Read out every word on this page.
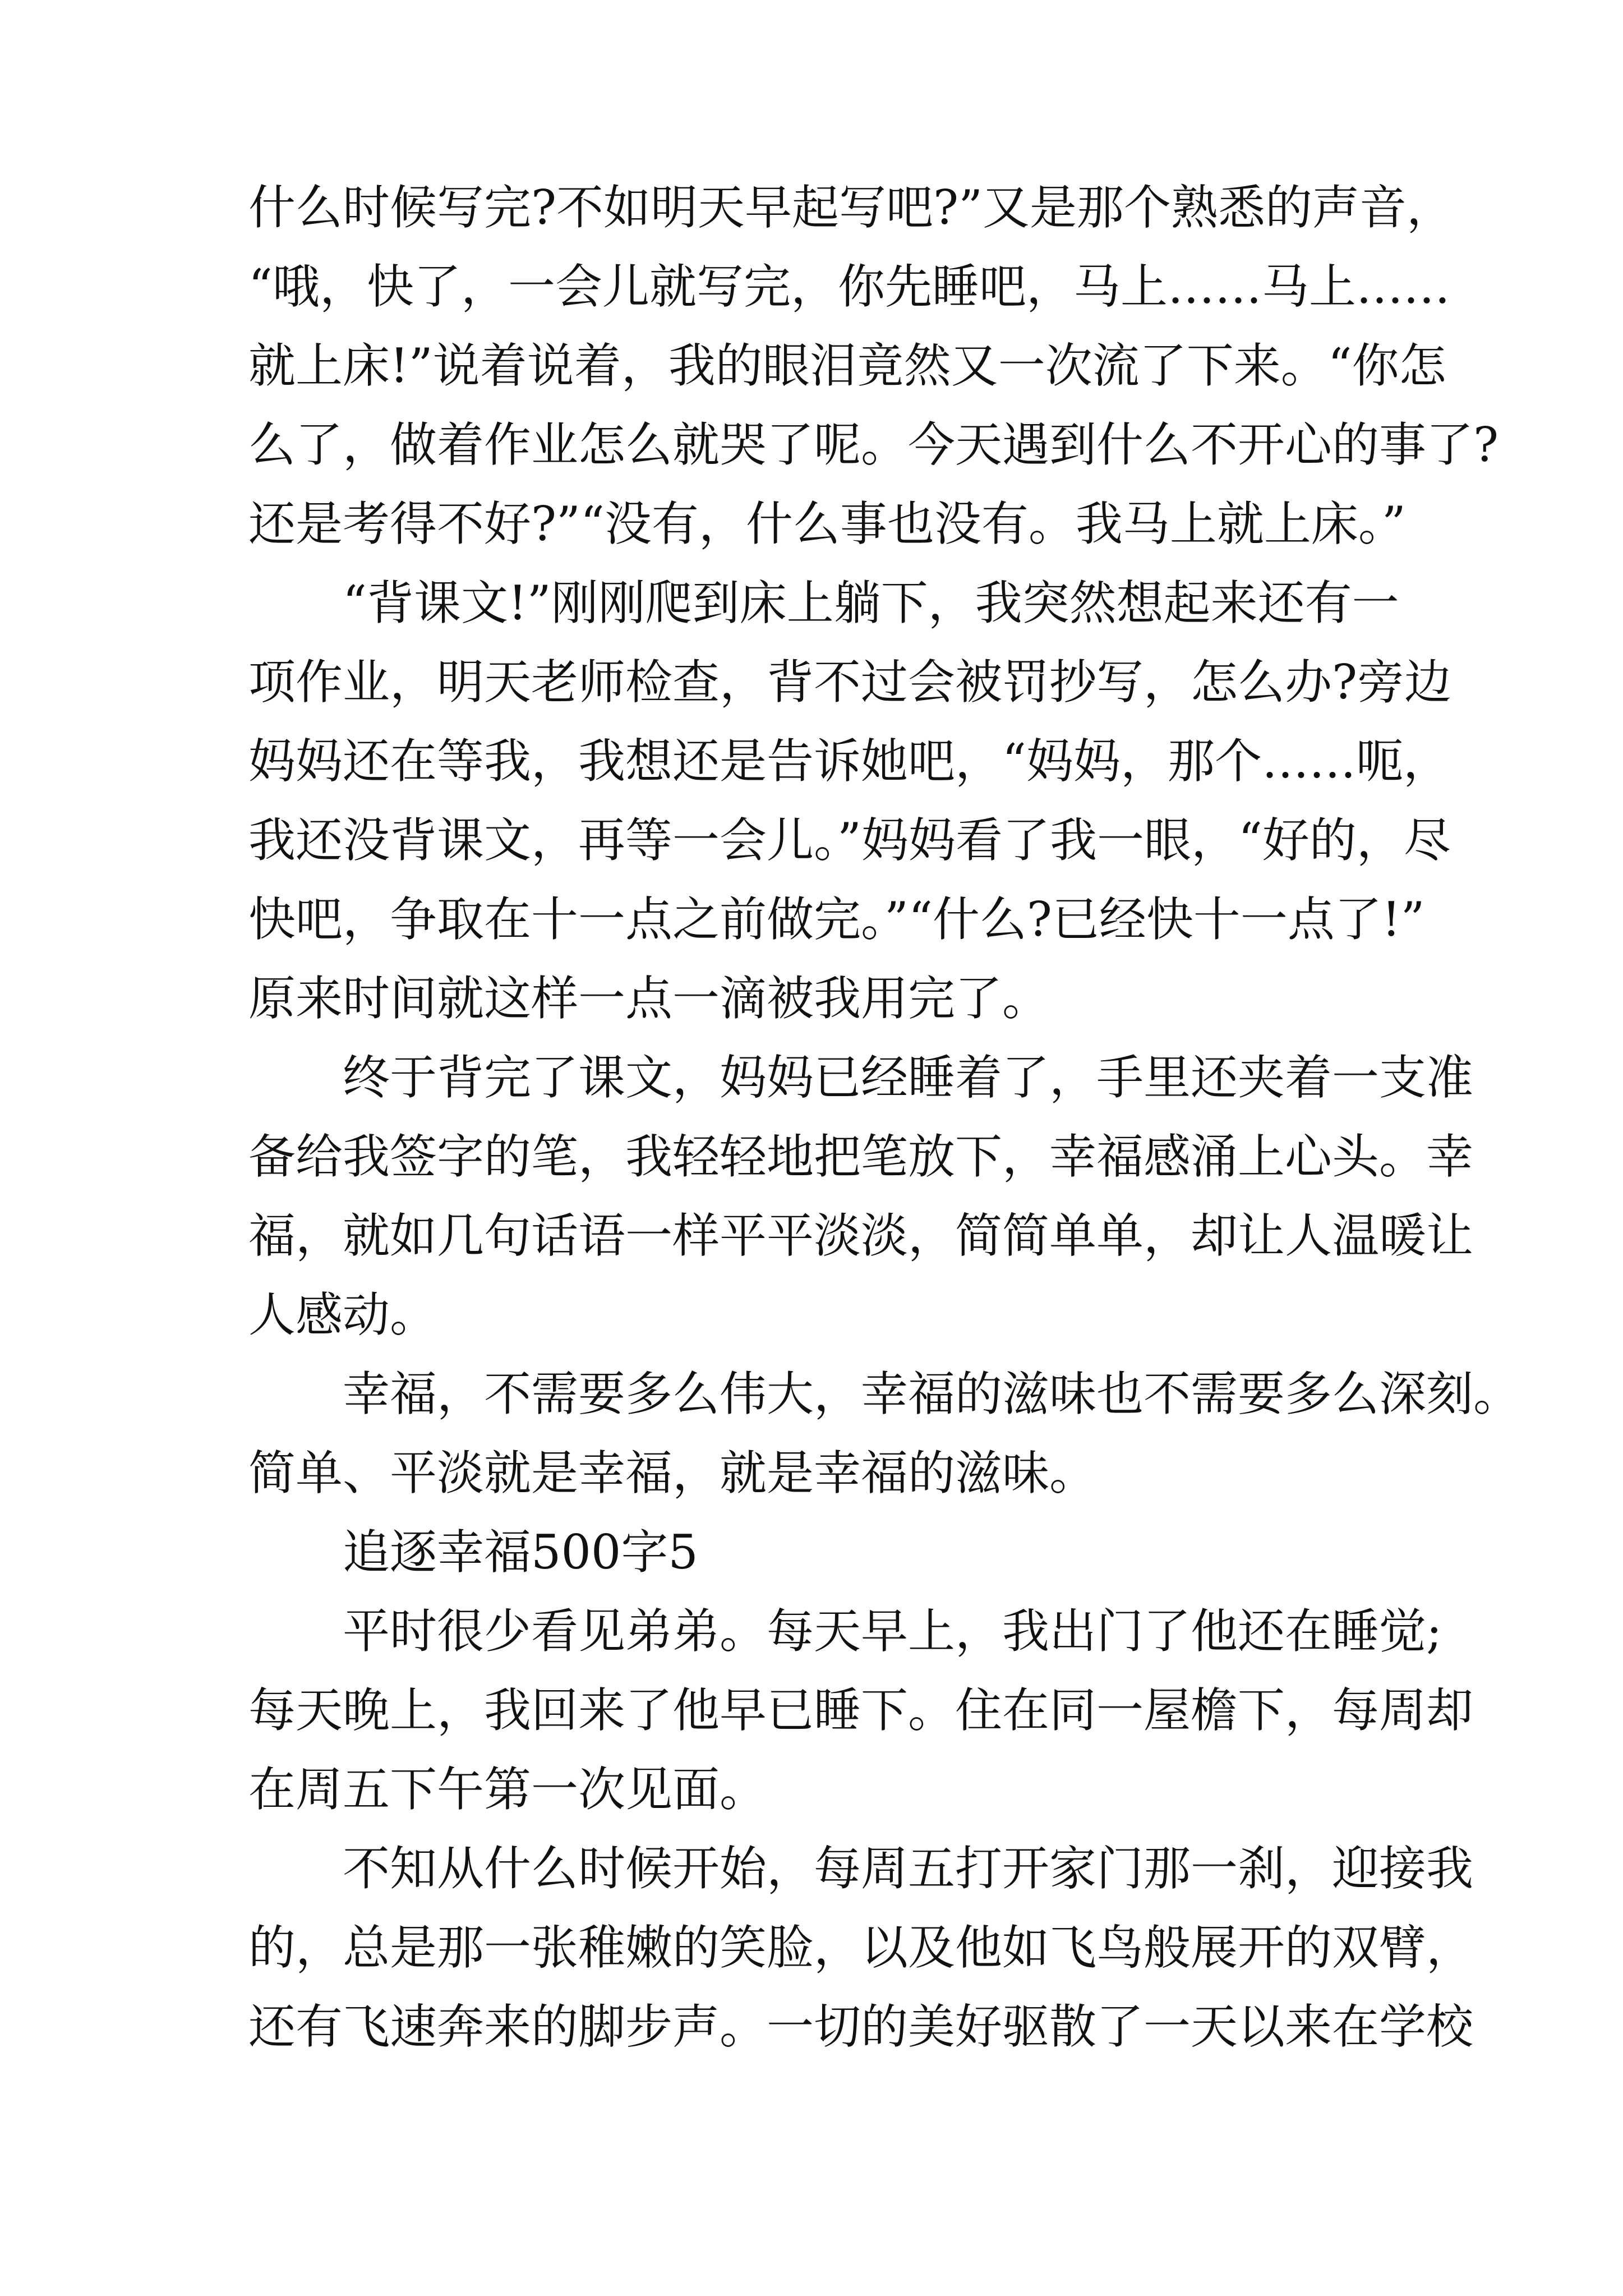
什么时候写完?不如明天早起写吧?”又是那个熟悉的声音，
“哦，快了，一会儿就写完，你先睡吧，马上……马上……
就上床!”说着说着，我的眼泪竟然又一次流了下来。“你怎
么了，做着作业怎么就哭了呢。今天遇到什么不开心的事了?
还是考得不好?”“没有，什么事也没有。我马上就上床。”
“背课文!”刚刚爬到床上躺下，我突然想起来还有一
项作业，明天老师检查，背不过会被罚抄写，怎么办?旁边
妈妈还在等我，我想还是告诉她吧，“妈妈，那个……呃，
我还没背课文，再等一会儿。”妈妈看了我一眼，“好的，尽
快吧，争取在十一点之前做完。”“什么?已经快十一点了!”
原来时间就这样一点一滴被我用完了。
终于背完了课文，妈妈已经睡着了，手里还夹着一支准
备给我签字的笔，我轻轻地把笔放下，幸福感涌上心头。幸
福，就如几句话语一样平平淡淡，简简单单，却让人温暖让
人感动。
幸福，不需要多么伟大，幸福的滋味也不需要多么深刻。
简单、平淡就是幸福，就是幸福的滋味。
追逐幸福500字5
平时很少看见弟弟。每天早上，我出门了他还在睡觉;
每天晚上，我回来了他早已睡下。住在同一屋檐下，每周却
在周五下午第一次见面。
不知从什么时候开始，每周五打开家门那一刹，迎接我
的，总是那一张稚嫩的笑脸，以及他如飞鸟般展开的双臂，
还有飞速奔来的脚步声。一切的美好驱散了一天以来在学校
